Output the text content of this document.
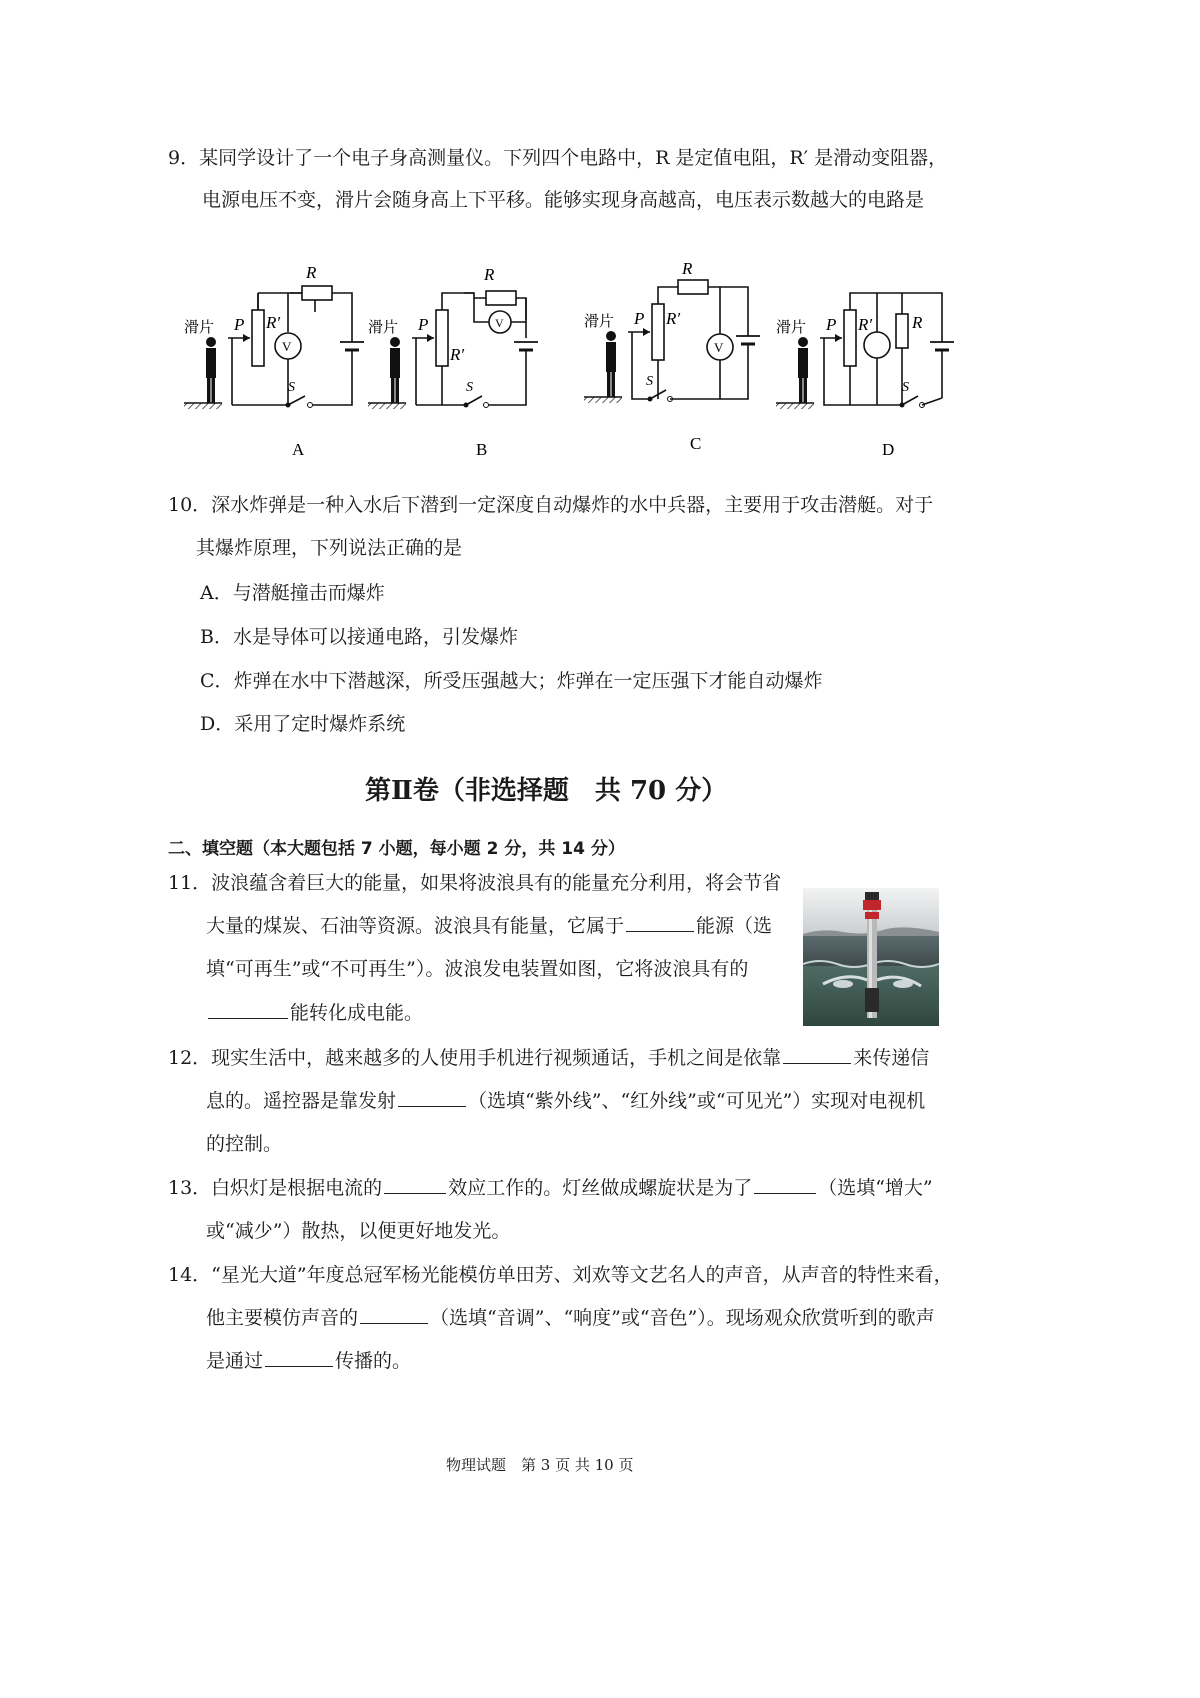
9．某同学设计了一个电子身高测量仪。下列四个电路中，R 是定值电阻，R′ 是滑动变阻器，
电源电压不变，滑片会随身高上下平移。能够实现身高越高，电压表示数越大的电路是
滑片 P R′
R
V
S
A
滑片 P
R
R′
V
S
B
滑片 P
R
R′
V
S
C
滑片 P R′ R
S
D
10．深水炸弹是一种入水后下潜到一定深度自动爆炸的水中兵器，主要用于攻击潜艇。对于
其爆炸原理，下列说法正确的是
A．与潜艇撞击而爆炸
B．水是导体可以接通电路，引发爆炸
C．炸弹在水中下潜越深，所受压强越大；炸弹在一定压强下才能自动爆炸
D．采用了定时爆炸系统
第Ⅱ卷（非选择题　共 70 分）
二、填空题（本大题包括 7 小题，每小题 2 分，共 14 分）
11．波浪蕴含着巨大的能量，如果将波浪具有的能量充分利用，将会节省
大量的煤炭、石油等资源。波浪具有能量，它属于	能源（选
填“可再生”或“不可再生”）。波浪发电装置如图，它将波浪具有的
能转化成电能。
12．现实生活中，越来越多的人使用手机进行视频通话，手机之间是依靠	来传递信
息的。遥控器是靠发射	（选填“紫外线”、“红外线”或“可见光”）实现对电视机
的控制。
13．白炽灯是根据电流的	效应工作的。灯丝做成螺旋状是为了	（选填“增大”
或“减少”）散热，以便更好地发光。
14．“星光大道”年度总冠军杨光能模仿单田芳、刘欢等文艺名人的声音，从声音的特性来看，
他主要模仿声音的	（选填“音调”、“响度”或“音色”）。现场观众欣赏听到的歌声
是通过	传播的。
物理试题　第 3 页 共 10 页
